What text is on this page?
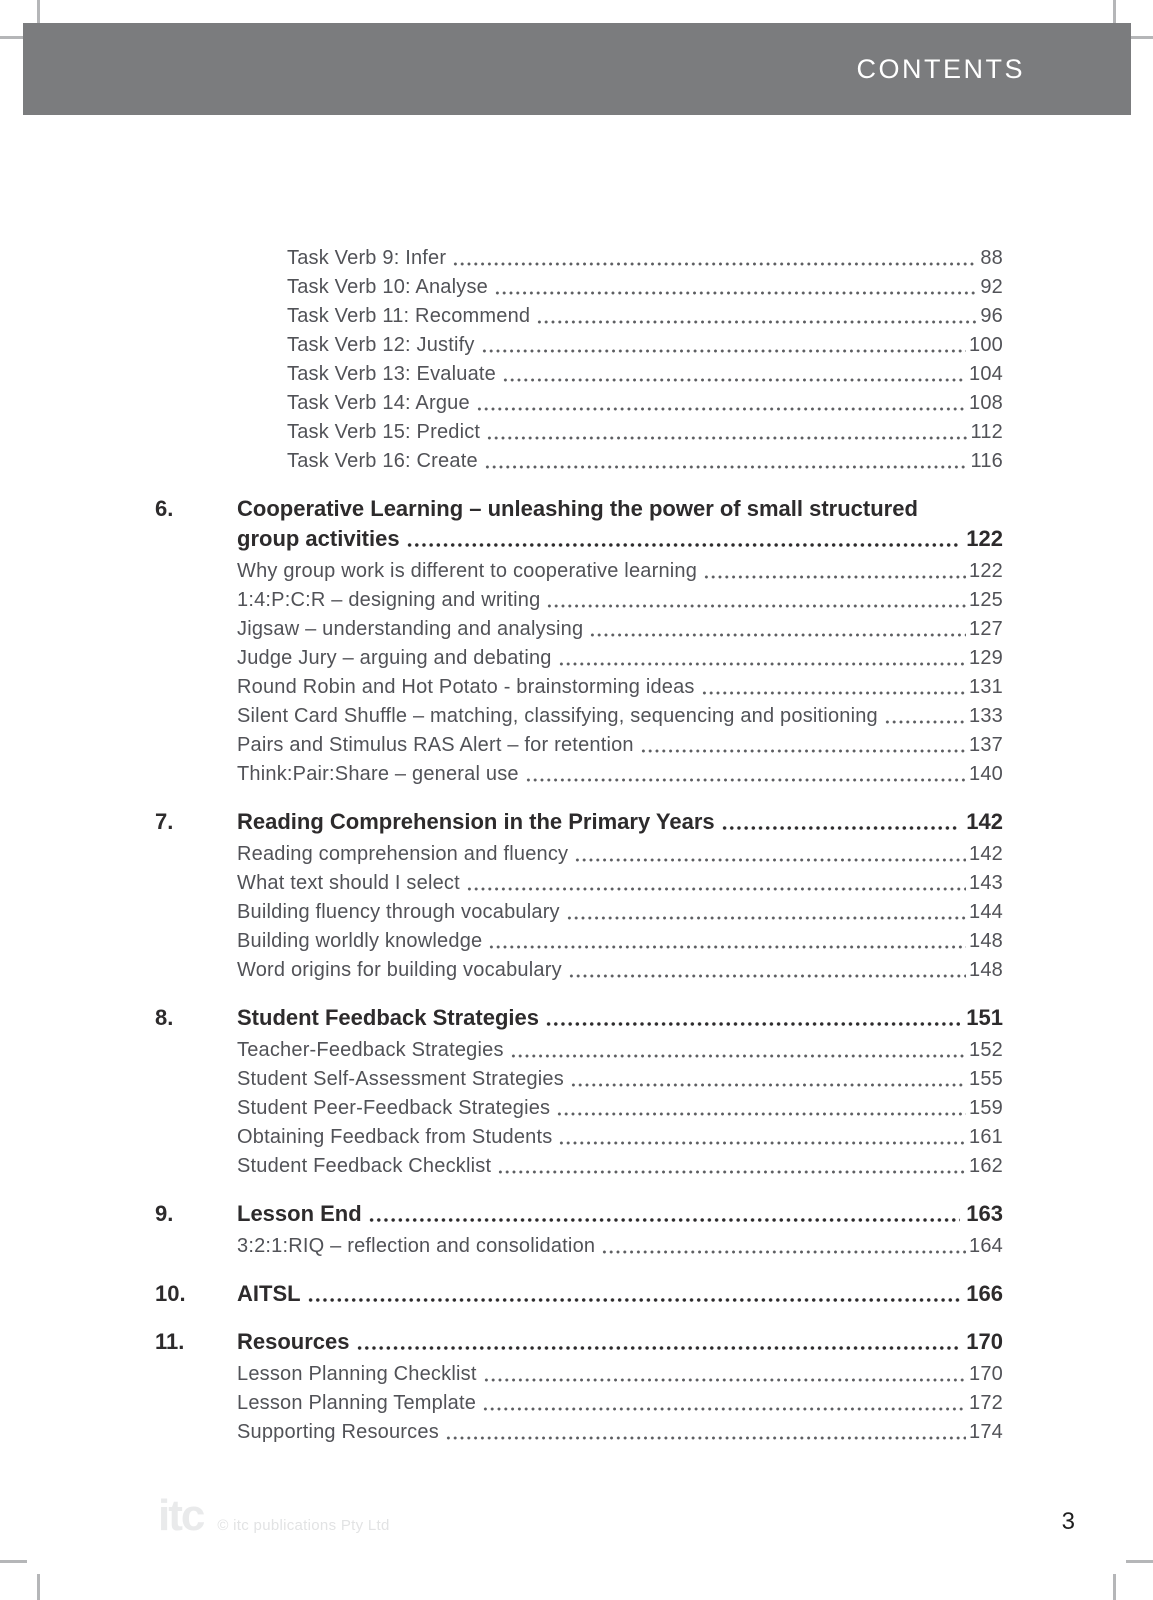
CONTENTS
Task Verb 9: Infer	88
Task Verb 10: Analyse	92
Task Verb 11: Recommend	96
Task Verb 12: Justify	100
Task Verb 13: Evaluate	104
Task Verb 14: Argue	108
Task Verb 15: Predict	112
Task Verb 16: Create	116
6.	Cooperative Learning – unleashing the power of small structured
group activities	122
Why group work is different to cooperative learning	122
1:4:P:C:R – designing and writing	125
Jigsaw – understanding and analysing	127
Judge Jury – arguing and debating	129
Round Robin and Hot Potato - brainstorming ideas	131
Silent Card Shuffle – matching, classifying, sequencing and positioning	133
Pairs and Stimulus RAS Alert – for retention	137
Think:Pair:Share – general use	140
7.	Reading Comprehension in the Primary Years	142
Reading comprehension and fluency	142
What text should I select	143
Building fluency through vocabulary	144
Building worldly knowledge	148
Word origins for building vocabulary	148
8.	Student Feedback Strategies	151
Teacher-Feedback Strategies	152
Student Self-Assessment Strategies	155
Student Peer-Feedback Strategies	159
Obtaining Feedback from Students	161
Student Feedback Checklist	162
9.	Lesson End	163
3:2:1:RIQ – reflection and consolidation	164
10.	AITSL	166
11.	Resources	170
Lesson Planning Checklist	170
Lesson Planning Template	172
Supporting Resources	174
itc © itc publications Pty Ltd	3
